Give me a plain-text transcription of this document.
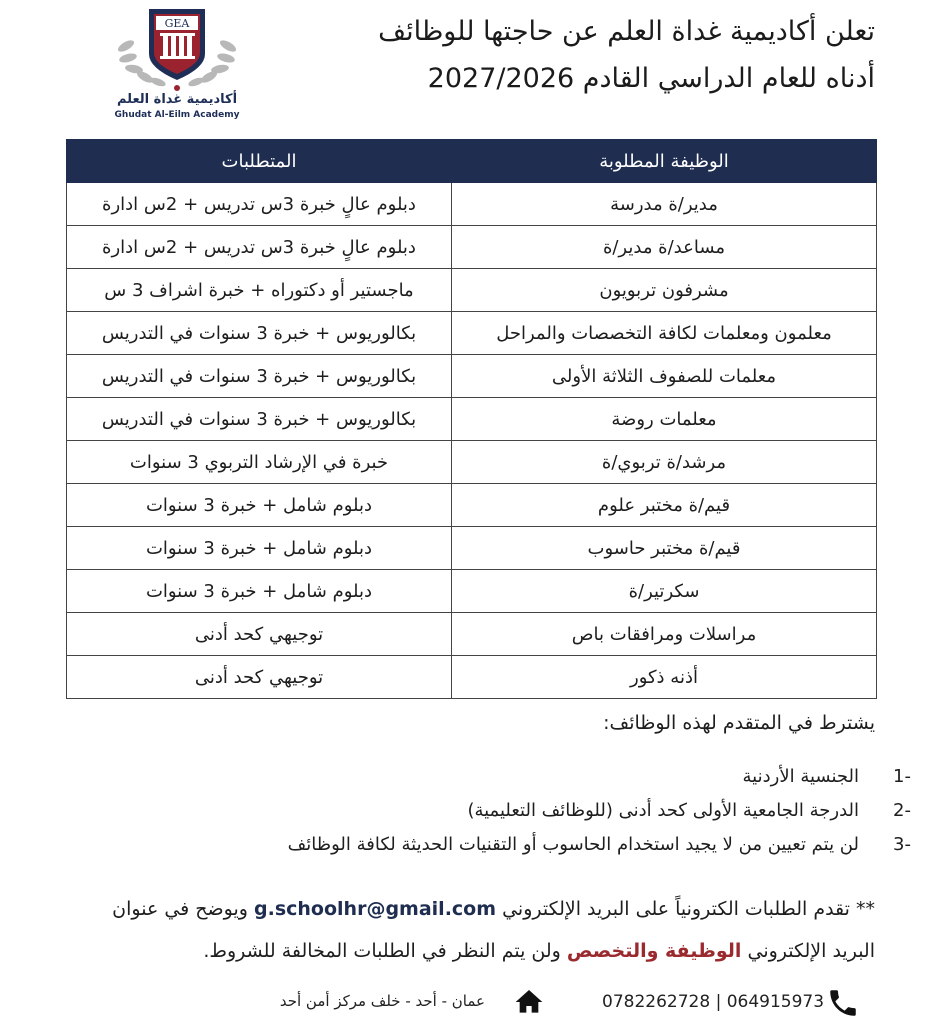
تعلن أكاديمية غداة العلم عن حاجتها للوظائف
أدناه للعام الدراسي القادم 2027/2026
GEA
أكاديمية غداة العلم
Ghudat Al-Eilm Academy
الوظيفة المطلوبة	المتطلبات
مدير/ة مدرسة	دبلوم عالٍ خبرة 3س تدريس + 2س ادارة
مساعد/ة مدير/ة	دبلوم عالٍ خبرة 3س تدريس + 2س ادارة
مشرفون تربويون	ماجستير أو دكتوراه + خبرة اشراف 3 س
معلمون ومعلمات لكافة التخصصات والمراحل	بكالوريوس + خبرة 3 سنوات في التدريس
معلمات للصفوف الثلاثة الأولى	بكالوريوس + خبرة 3 سنوات في التدريس
معلمات روضة	بكالوريوس + خبرة 3 سنوات في التدريس
مرشد/ة تربوي/ة	خبرة في الإرشاد التربوي 3 سنوات
قيم/ة مختبر علوم	دبلوم شامل + خبرة 3 سنوات
قيم/ة مختبر حاسوب	دبلوم شامل + خبرة 3 سنوات
سكرتير/ة	دبلوم شامل + خبرة 3 سنوات
مراسلات ومرافقات باص	توجيهي كحد أدنى
أذنه ذكور	توجيهي كحد أدنى
يشترط في المتقدم لهذه الوظائف:
-1الجنسية الأردنية
-2الدرجة الجامعية الأولى كحد أدنى (للوظائف التعليمية)
-3لن يتم تعيين من لا يجيد استخدام الحاسوب أو التقنيات الحديثة لكافة الوظائف
** تقدم الطلبات الكترونياً على البريد الإلكتروني g.schoolhr@gmail.com ويوضح في عنوان البريد الإلكتروني الوظيفة والتخصص ولن يتم النظر في الطلبات المخالفة للشروط.
0782262728 | 064915973
عمان - أحد - خلف مركز أمن أحد
